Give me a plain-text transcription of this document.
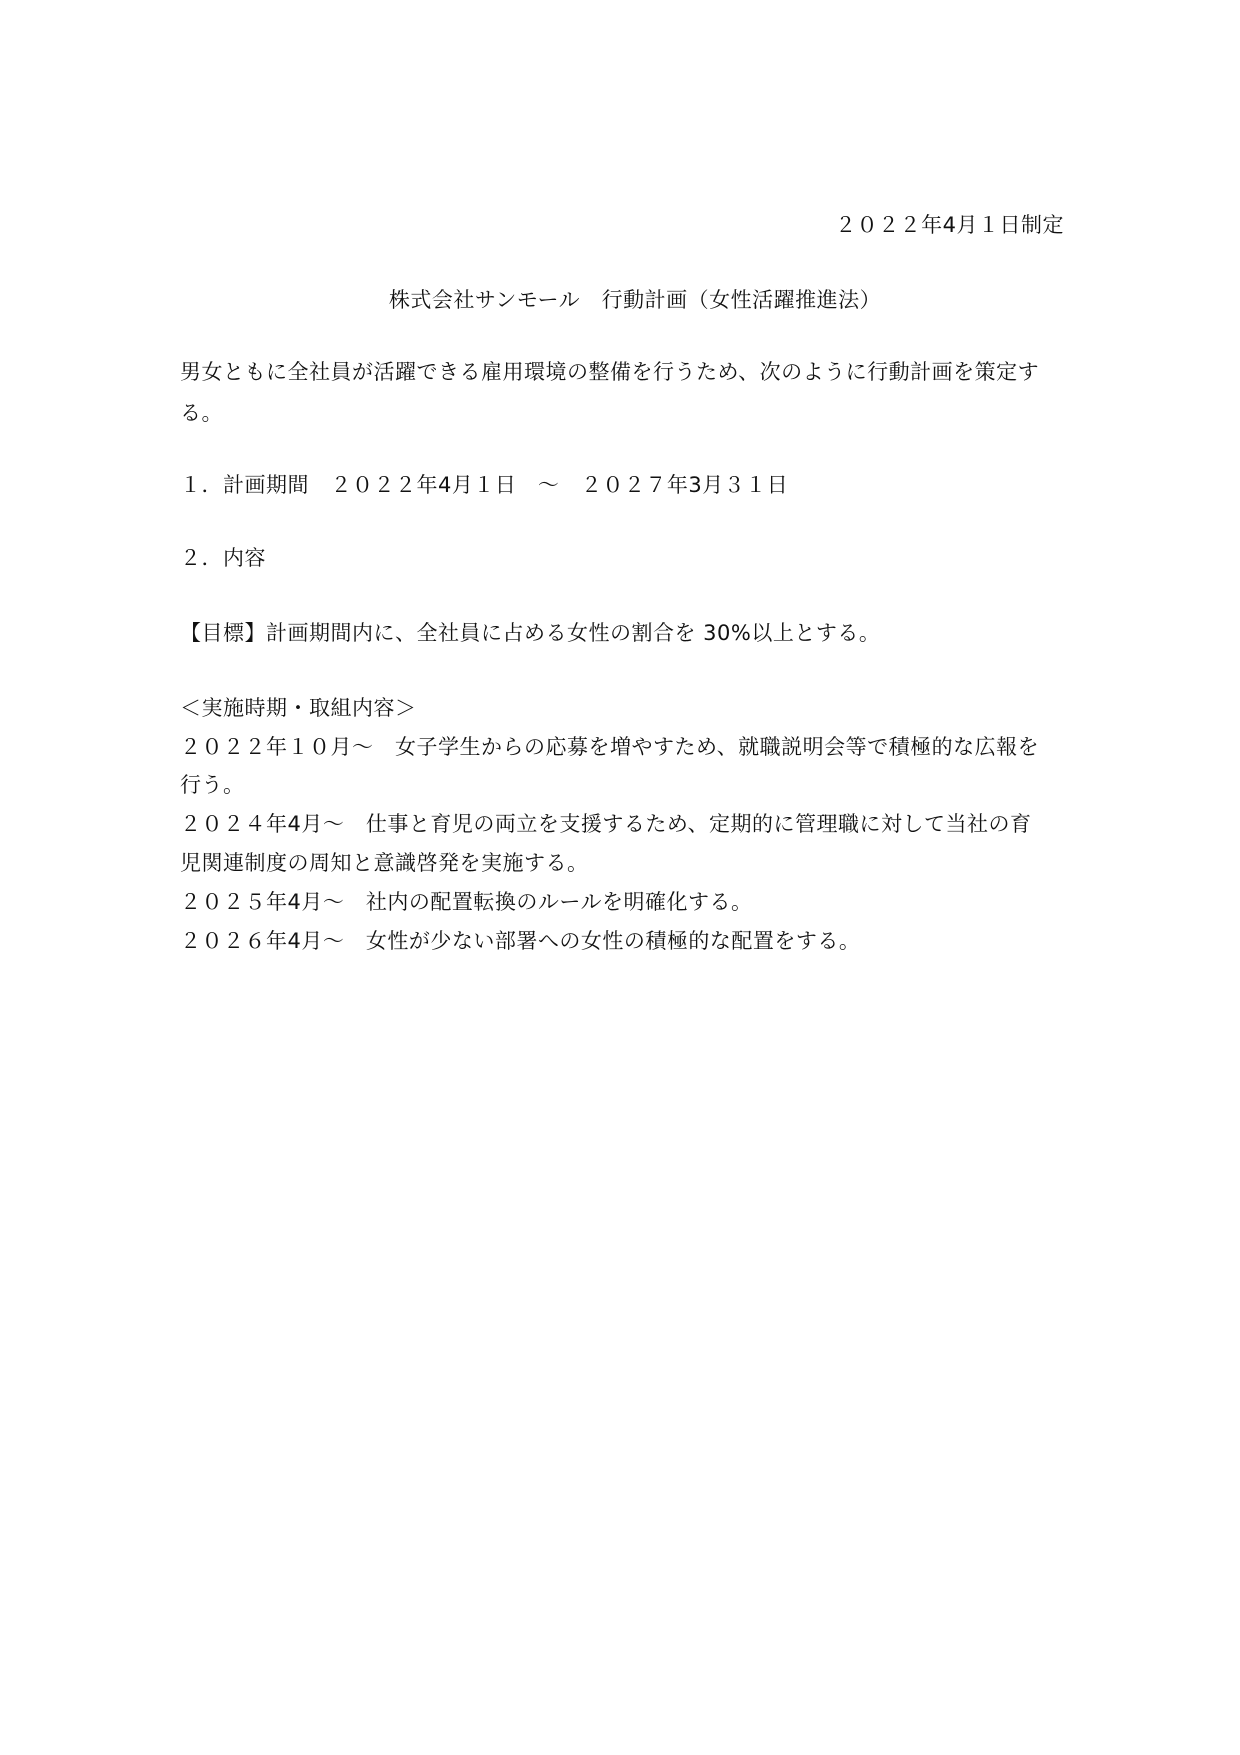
２０２２年4月１日制定
株式会社サンモール　行動計画（女性活躍推進法）
男女ともに全社員が活躍できる雇用環境の整備を行うため、次のように行動計画を策定す
る。
１．計画期間　２０２２年4月１日　～　２０２７年3月３１日
２．内容
【目標】計画期間内に、全社員に占める女性の割合を 30%以上とする。
＜実施時期・取組内容＞
２０２２年１０月～　女子学生からの応募を増やすため、就職説明会等で積極的な広報を
行う。
２０２４年4月～　仕事と育児の両立を支援するため、定期的に管理職に対して当社の育
児関連制度の周知と意識啓発を実施する。
２０２５年4月～　社内の配置転換のルールを明確化する。
２０２６年4月～　女性が少ない部署への女性の積極的な配置をする。
